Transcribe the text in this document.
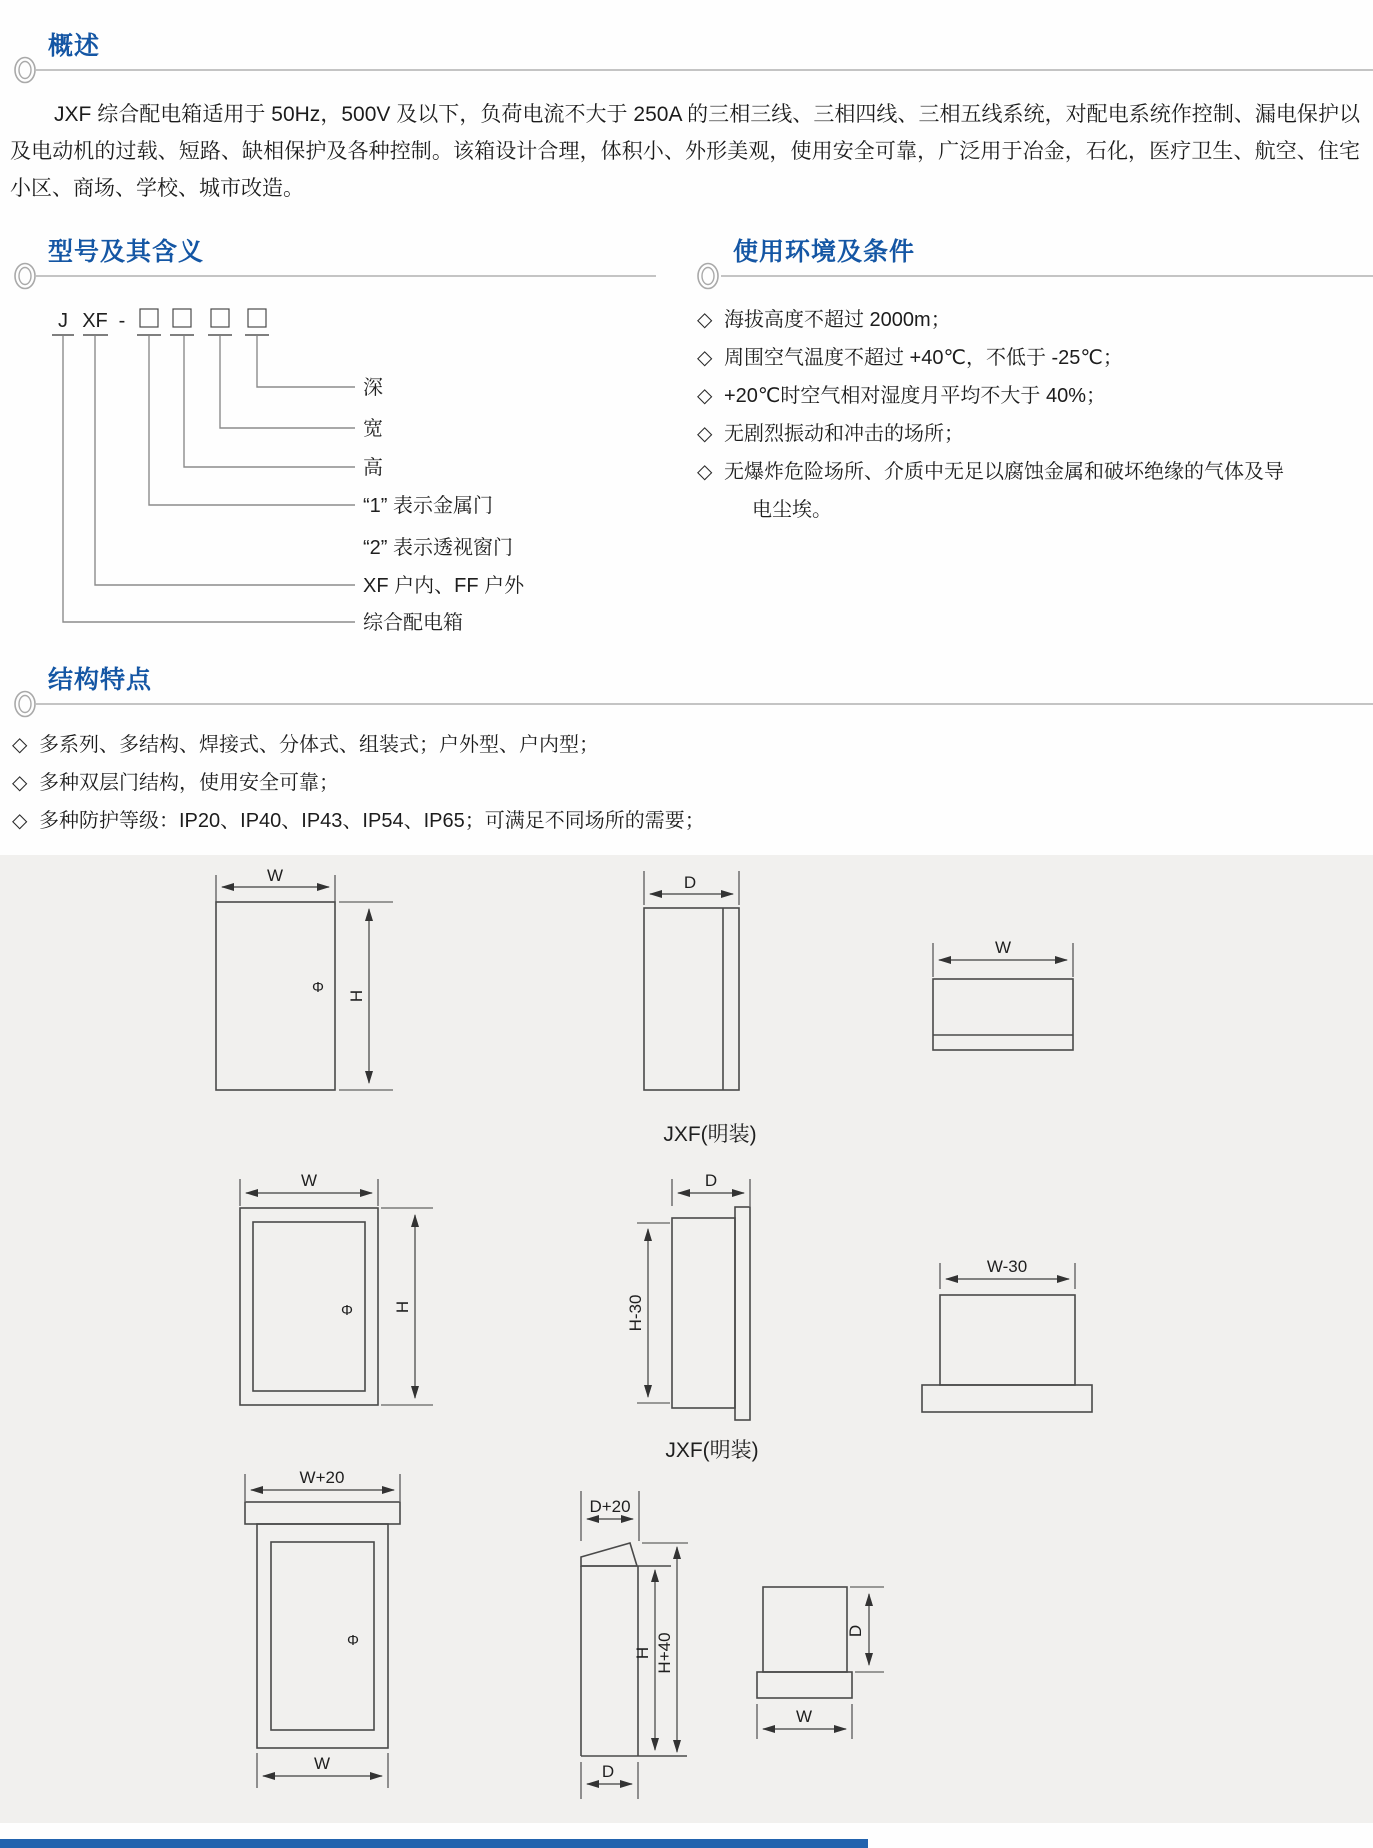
概述
JXF 综合配电箱适用于 50Hz，500V 及以下，负荷电流不大于 250A 的三相三线、三相四线、三相五线系统，对配电系统作控制、漏电保护以及电动机的过载、短路、缺相保护及各种控制。该箱设计合理，体积小、外形美观，使用安全可靠，广泛用于冶金，石化，医疗卫生、航空、住宅小区、商场、学校、城市改造。
型号及其含义	使用环境及条件
J XF -
深
宽
高
“1” 表示金属门
“2” 表示透视窗门
XF 户内、FF 户外
综合配电箱
◇ 海拔高度不超过 2000m；
◇ 周围空气温度不超过 +40℃，不低于 -25℃；
◇ +20℃时空气相对湿度月平均不大于 40%；
◇ 无剧烈振动和冲击的场所；
◇ 无爆炸危险场所、介质中无足以腐蚀金属和破坏绝缘的气体及导电尘埃。
结构特点
◇ 多系列、多结构、焊接式、分体式、组装式；户外型、户内型；
◇ 多种双层门结构，使用安全可靠；
◇ 多种防护等级：IP20、IP40、IP43、IP54、IP65；可满足不同场所的需要；
W
Φ H
D
W
JXF(明装)
W
Φ H
D
H-30
W-30
JXF(明装)
W+20
Φ
W
D+20
H H+40
D
D
W
